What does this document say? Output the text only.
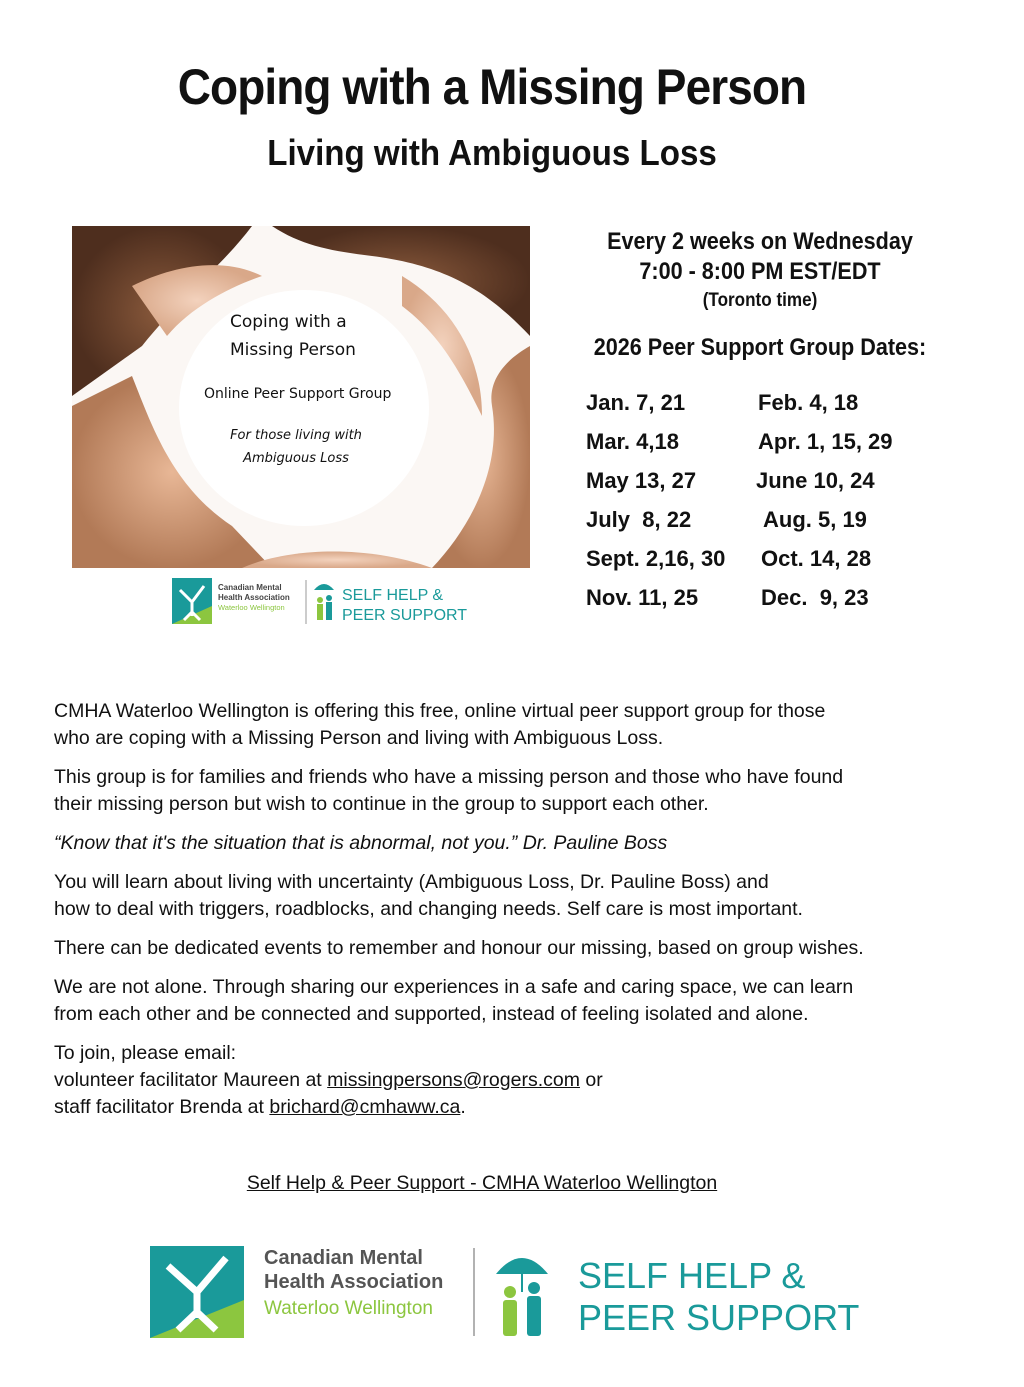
Coping with a Missing Person
Living with Ambiguous Loss
Coping with a
Missing Person
Online Peer Support Group
For those living with
Ambiguous Loss
Canadian Mental
Health Association
Waterloo Wellington
SELF HELP &
PEER SUPPORT
Every 2 weeks on Wednesday
7:00 - 8:00 PM EST/EDT
(Toronto time)
2026 Peer Support Group Dates:
Jan. 7, 21	Feb. 4, 18
Mar. 4,18	Apr. 1, 15, 29
May 13, 27	June 10, 24
July  8, 22	Aug. 5, 19
Sept. 2,16, 30 Oct. 14, 28
Nov. 11, 25	Dec.  9, 23

CMHA Waterloo Wellington is offering this free, online virtual peer support group for those
who are coping with a Missing Person and living with Ambiguous Loss.

This group is for families and friends who have a missing person and those who have found
their missing person but wish to continue in the group to support each other.

“Know that it's the situation that is abnormal, not you.” Dr. Pauline Boss

You will learn about living with uncertainty (Ambiguous Loss, Dr. Pauline Boss) and
how to deal with triggers, roadblocks, and changing needs. Self care is most important.

There can be dedicated events to remember and honour our missing, based on group wishes.

We are not alone. Through sharing our experiences in a safe and caring space, we can learn
from each other and be connected and supported, instead of feeling isolated and alone.

To join, please email:
volunteer facilitator Maureen at missingpersons@rogers.com or
staff facilitator Brenda at brichard@cmhaww.ca.

Self Help & Peer Support - CMHA Waterloo Wellington
Canadian Mental
Health Association
Waterloo Wellington
SELF HELP &
PEER SUPPORT
